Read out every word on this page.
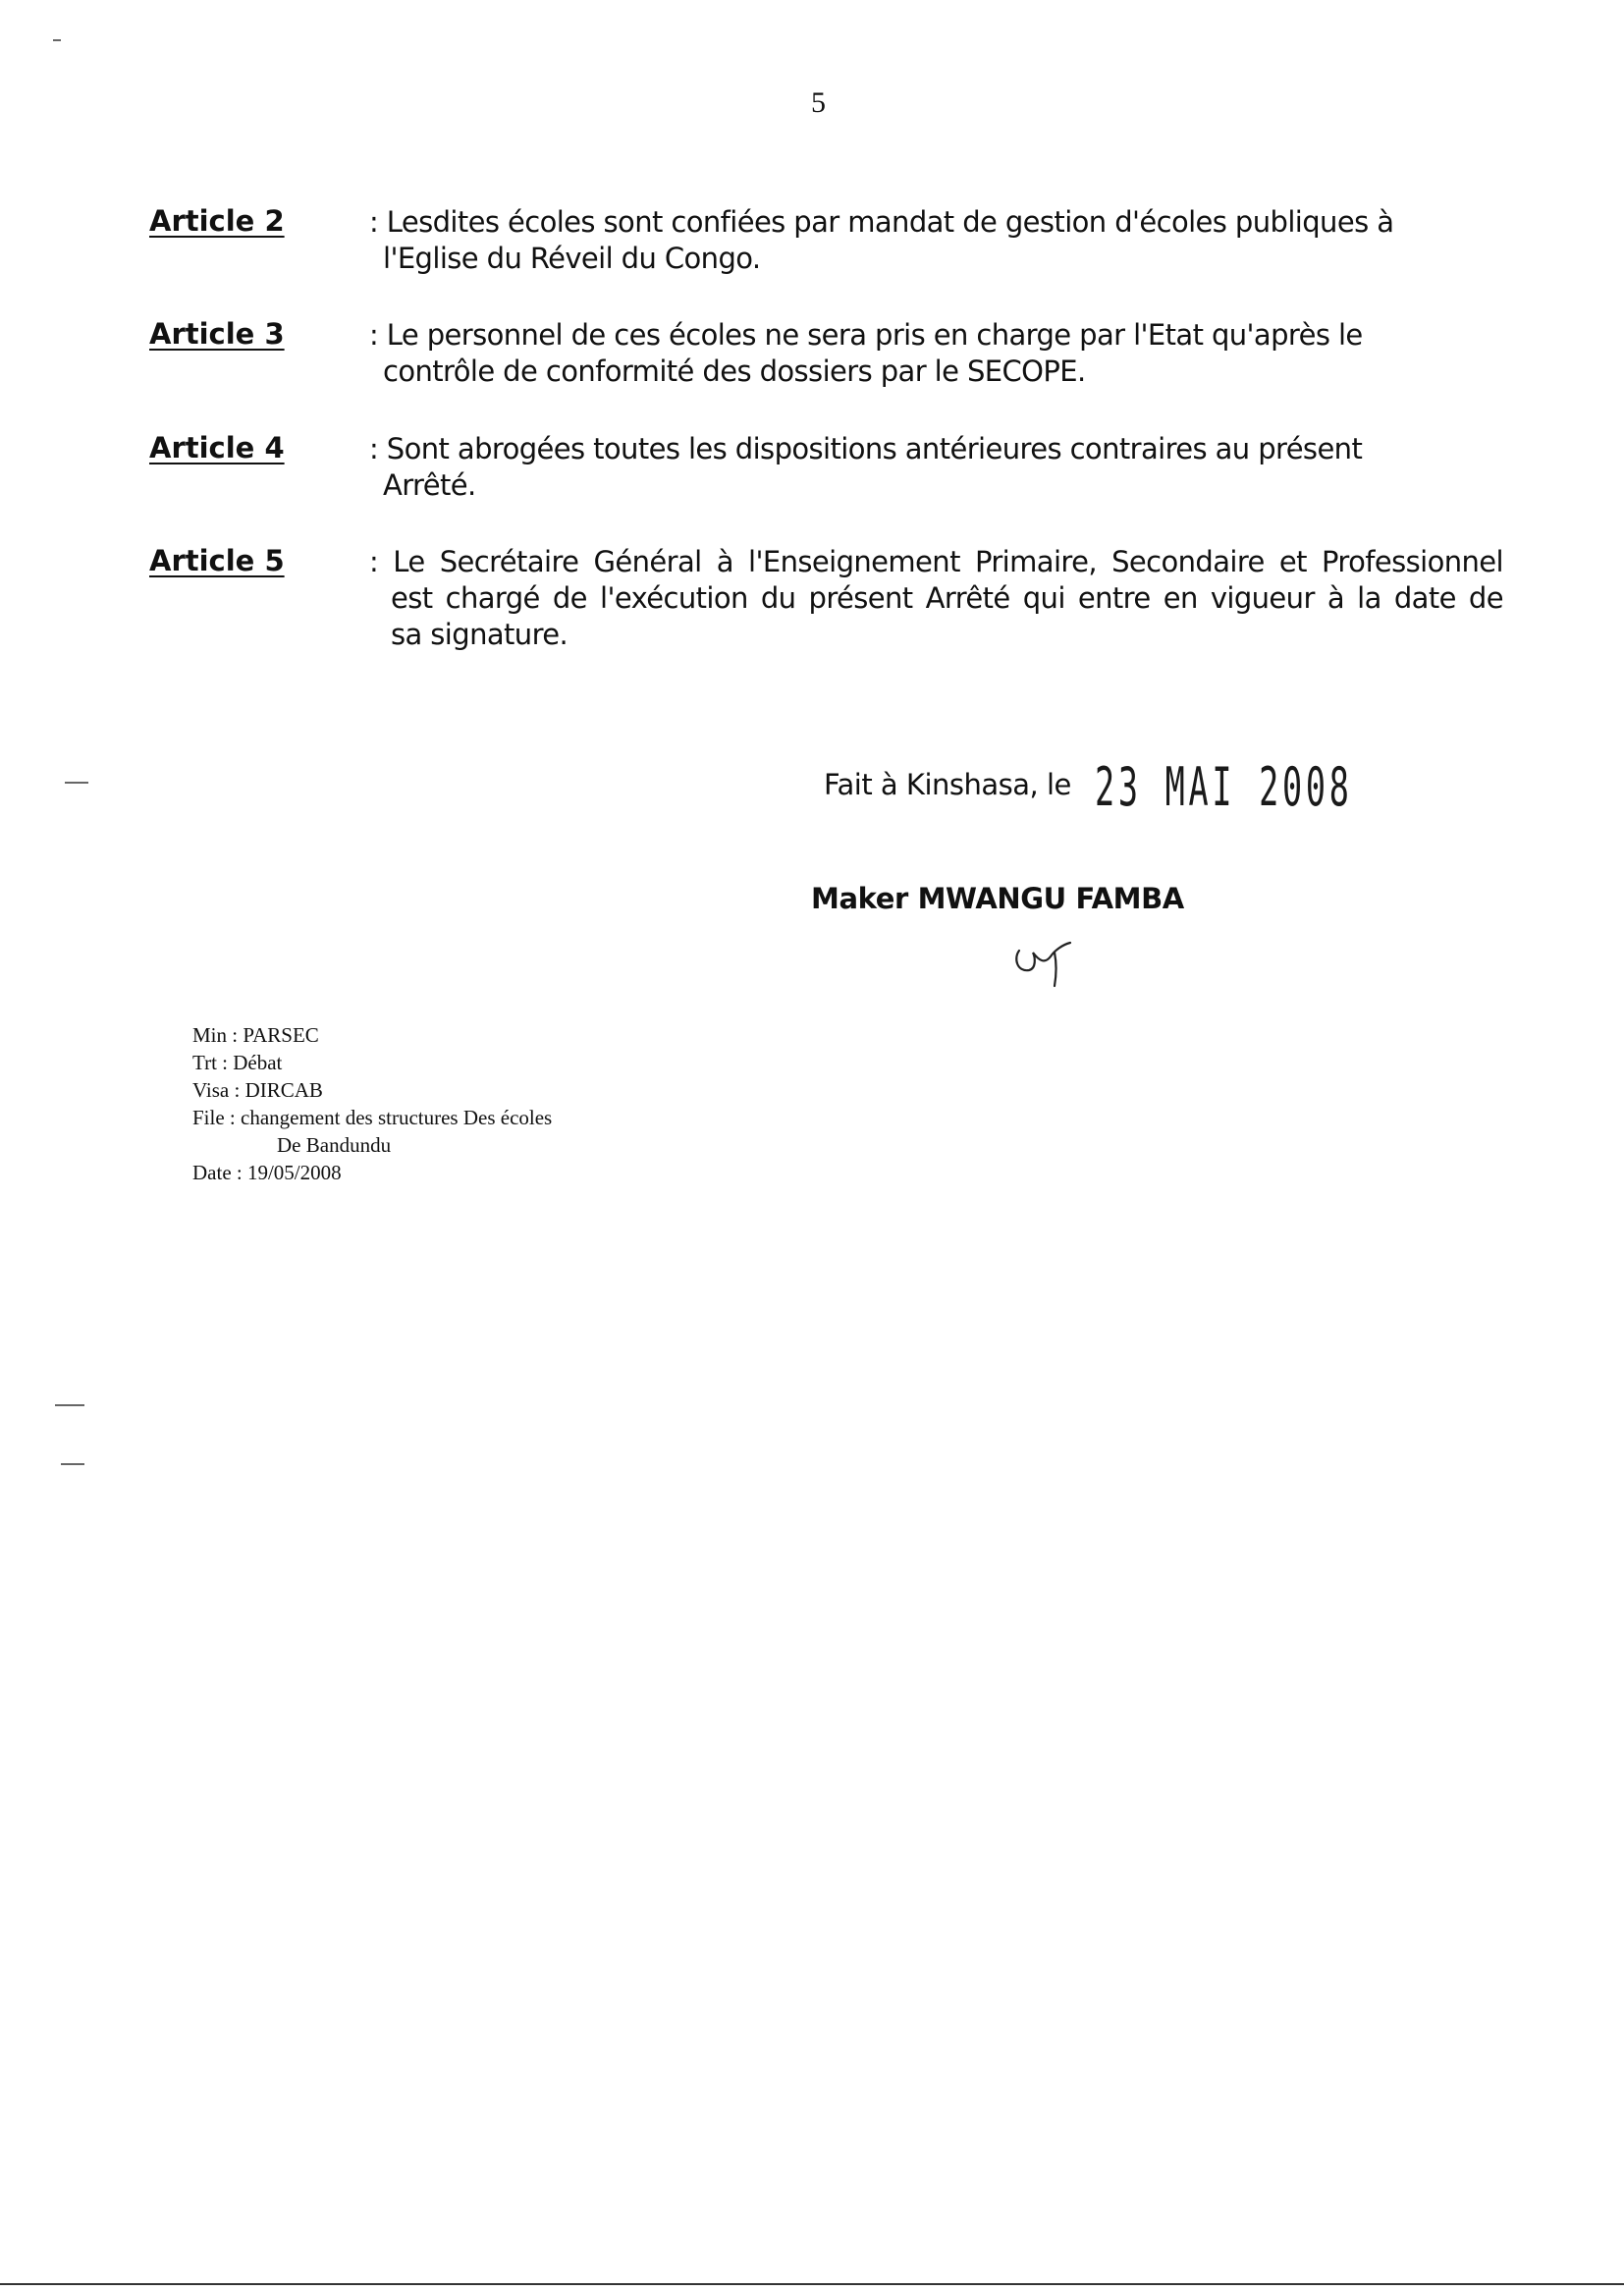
5
Article 2	: Lesdites écoles sont confiées par mandat de gestion d'écoles publiques à
l'Eglise du Réveil du Congo.
Article 3	: Le personnel de ces écoles ne sera pris en charge par l'Etat qu'après le
contrôle de conformité des dossiers par le SECOPE.
Article 4	: Sont abrogées toutes les dispositions antérieures contraires au présent
Arrêté.
Article 5	: Le Secrétaire Général à l'Enseignement Primaire, Secondaire et Professionnel
est chargé de l'exécution du présent Arrêté qui entre en vigueur à la date de
sa signature.
Fait à Kinshasa, le 23 MAI 2008
Maker MWANGU FAMBA
Min : PARSEC
Trt : Débat
Visa : DIRCAB
File : changement des structures Des écoles
De Bandundu
Date : 19/05/2008
